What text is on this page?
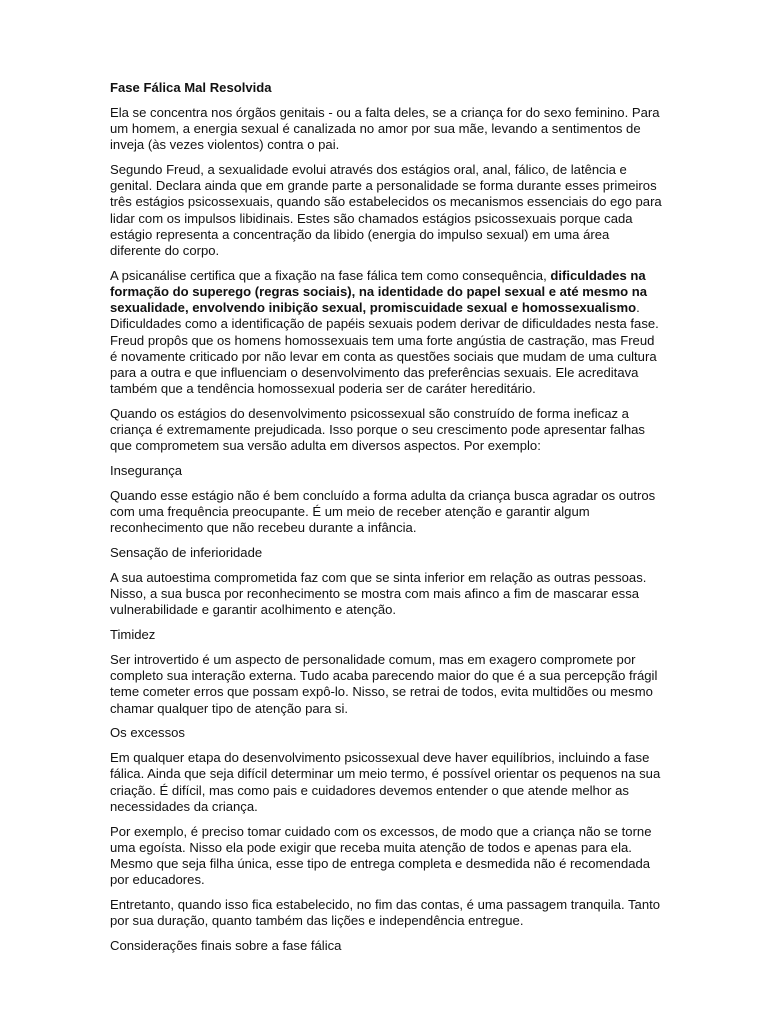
Fase Fálica Mal Resolvida

Ela se concentra nos órgãos genitais - ou a falta deles, se a criança for do sexo feminino. Para um homem, a energia sexual é canalizada no amor por sua mãe, levando a sentimentos de inveja (às vezes violentos) contra o pai.

Segundo Freud, a sexualidade evolui através dos estágios oral, anal, fálico, de latência e genital. Declara ainda que em grande parte a personalidade se forma durante esses primeiros três estágios psicossexuais, quando são estabelecidos os mecanismos essenciais do ego para lidar com os impulsos libidinais. Estes são chamados estágios psicossexuais porque cada estágio representa a concentração da libido (energia do impulso sexual) em uma área diferente do corpo.

A psicanálise certifica que a fixação na fase fálica tem como consequência, dificuldades na formação do superego (regras sociais), na identidade do papel sexual e até mesmo na sexualidade, envolvendo inibição sexual, promiscuidade sexual e homossexualismo. Dificuldades como a identificação de papéis sexuais podem derivar de dificuldades nesta fase. Freud propôs que os homens homossexuais tem uma forte angústia de castração, mas Freud é novamente criticado por não levar em conta as questões sociais que mudam de uma cultura para a outra e que influenciam o desenvolvimento das preferências sexuais. Ele acreditava também que a tendência homossexual poderia ser de caráter hereditário.

Quando os estágios do desenvolvimento psicossexual são construído de forma ineficaz a criança é extremamente prejudicada. Isso porque o seu crescimento pode apresentar falhas que comprometem sua versão adulta em diversos aspectos. Por exemplo:

Insegurança

Quando esse estágio não é bem concluído a forma adulta da criança busca agradar os outros com uma frequência preocupante. É um meio de receber atenção e garantir algum reconhecimento que não recebeu durante a infância.

Sensação de inferioridade

A sua autoestima comprometida faz com que se sinta inferior em relação as outras pessoas. Nisso, a sua busca por reconhecimento se mostra com mais afinco a fim de mascarar essa vulnerabilidade e garantir acolhimento e atenção.

Timidez

Ser introvertido é um aspecto de personalidade comum, mas em exagero compromete por completo sua interação externa. Tudo acaba parecendo maior do que é a sua percepção frágil teme cometer erros que possam expô-lo. Nisso, se retrai de todos, evita multidões ou mesmo chamar qualquer tipo de atenção para si.

Os excessos

Em qualquer etapa do desenvolvimento psicossexual deve haver equilíbrios, incluindo a fase fálica. Ainda que seja difícil determinar um meio termo, é possível orientar os pequenos na sua criação. É difícil, mas como pais e cuidadores devemos entender o que atende melhor as necessidades da criança.

Por exemplo, é preciso tomar cuidado com os excessos, de modo que a criança não se torne uma egoísta. Nisso ela pode exigir que receba muita atenção de todos e apenas para ela. Mesmo que seja filha única, esse tipo de entrega completa e desmedida não é recomendada por educadores.

Entretanto, quando isso fica estabelecido, no fim das contas, é uma passagem tranquila. Tanto por sua duração, quanto também das lições e independência entregue.

Considerações finais sobre a fase fálica
